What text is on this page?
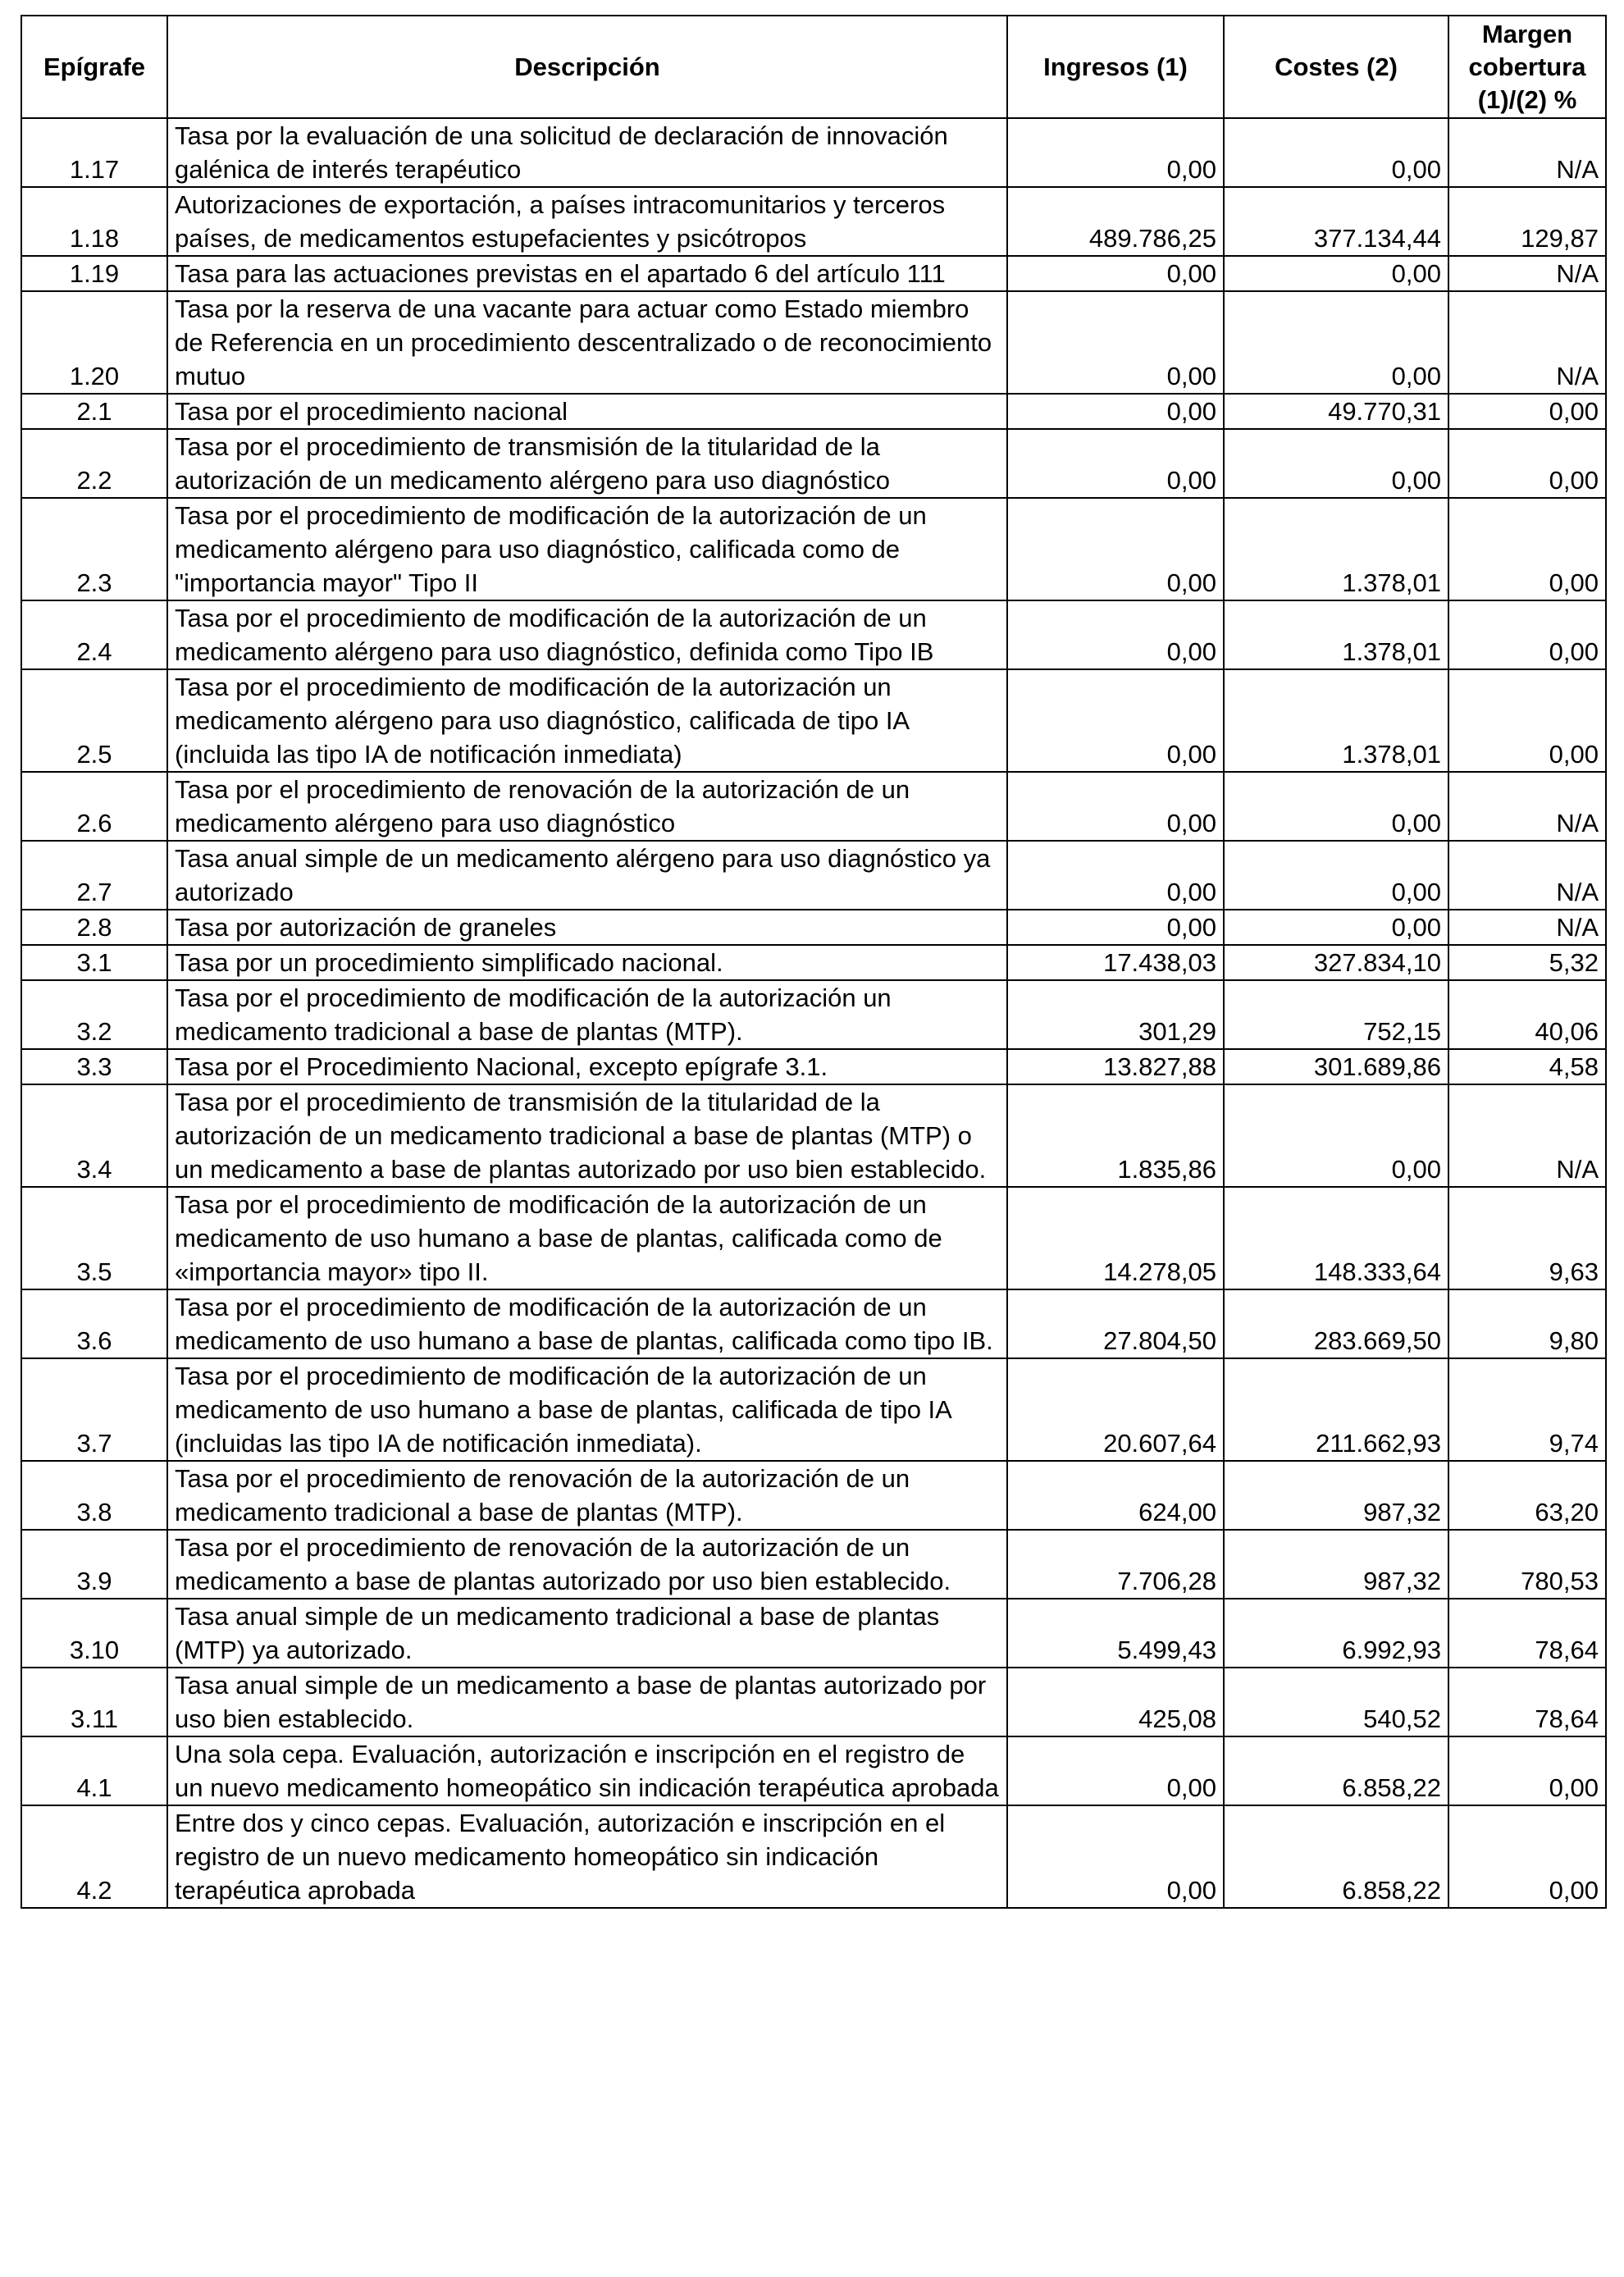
Epígrafe	Descripción	Ingresos (1)	Costes (2)	Margen cobertura (1)/(2) %
1.17	Tasa por la evaluación de una solicitud de declaración de innovación galénica de interés terapéutico	0,00	0,00	N/A
1.18	Autorizaciones de exportación, a países intracomunitarios y terceros países, de medicamentos estupefacientes y psicótropos	489.786,25	377.134,44	129,87
1.19	Tasa para las actuaciones previstas en el apartado 6 del artículo 111	0,00	0,00	N/A
1.20	Tasa por la reserva de una vacante para actuar como Estado miembro de Referencia en un procedimiento descentralizado o de reconocimiento mutuo	0,00	0,00	N/A
2.1	Tasa por el procedimiento nacional	0,00	49.770,31	0,00
2.2	Tasa por el procedimiento de transmisión de la titularidad de la autorización de un medicamento alérgeno para uso diagnóstico	0,00	0,00	0,00
2.3	Tasa por el procedimiento de modificación de la autorización de un medicamento alérgeno para uso diagnóstico, calificada como de "importancia mayor" Tipo II	0,00	1.378,01	0,00
2.4	Tasa por el procedimiento de modificación de la autorización de un medicamento alérgeno para uso diagnóstico, definida como Tipo IB	0,00	1.378,01	0,00
2.5	Tasa por el procedimiento de modificación de la autorización un medicamento alérgeno para uso diagnóstico, calificada de tipo IA (incluida las tipo IA de notificación inmediata)	0,00	1.378,01	0,00
2.6	Tasa por el procedimiento de renovación de la autorización de un medicamento alérgeno para uso diagnóstico	0,00	0,00	N/A
2.7	Tasa anual simple de un medicamento alérgeno para uso diagnóstico ya autorizado	0,00	0,00	N/A
2.8	Tasa por autorización de graneles	0,00	0,00	N/A
3.1	Tasa por un procedimiento simplificado nacional.	17.438,03	327.834,10	5,32
3.2	Tasa por el procedimiento de modificación de la autorización un medicamento tradicional a base de plantas (MTP).	301,29	752,15	40,06
3.3	Tasa por el Procedimiento Nacional, excepto epígrafe 3.1.	13.827,88	301.689,86	4,58
3.4	Tasa por el procedimiento de transmisión de la titularidad de la autorización de un medicamento tradicional a base de plantas (MTP) o un medicamento a base de plantas autorizado por uso bien establecido.	1.835,86	0,00	N/A
3.5	Tasa por el procedimiento de modificación de la autorización de un medicamento de uso humano a base de plantas, calificada como de «importancia mayor» tipo II.	14.278,05	148.333,64	9,63
3.6	Tasa por el procedimiento de modificación de la autorización de un medicamento de uso humano a base de plantas, calificada como tipo IB.	27.804,50	283.669,50	9,80
3.7	Tasa por el procedimiento de modificación de la autorización de un medicamento de uso humano a base de plantas, calificada de tipo IA (incluidas las tipo IA de notificación inmediata).	20.607,64	211.662,93	9,74
3.8	Tasa por el procedimiento de renovación de la autorización de un medicamento tradicional a base de plantas (MTP).	624,00	987,32	63,20
3.9	Tasa por el procedimiento de renovación de la autorización de un medicamento a base de plantas autorizado por uso bien establecido.	7.706,28	987,32	780,53
3.10	Tasa anual simple de un medicamento tradicional a base de plantas (MTP) ya autorizado.	5.499,43	6.992,93	78,64
3.11	Tasa anual simple de un medicamento a base de plantas autorizado por uso bien establecido.	425,08	540,52	78,64
4.1	Una sola cepa. Evaluación, autorización e inscripción en el registro de un nuevo medicamento homeopático sin indicación terapéutica aprobada	0,00	6.858,22	0,00
4.2	Entre dos y cinco cepas. Evaluación, autorización e inscripción en el registro de un nuevo medicamento homeopático sin indicación terapéutica aprobada	0,00	6.858,22	0,00
